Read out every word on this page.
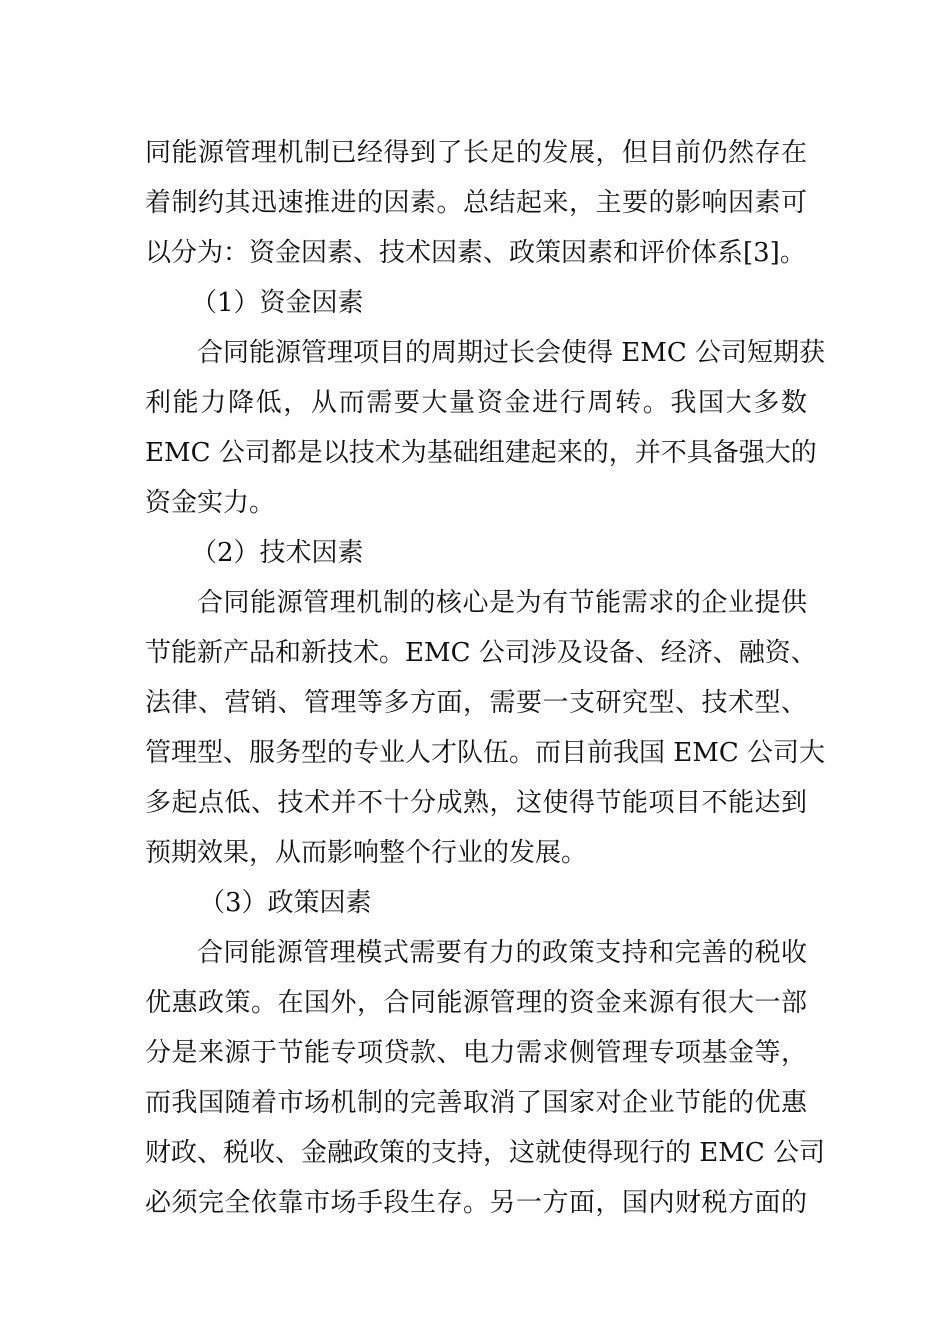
同能源管理机制已经得到了长足的发展，但目前仍然存在
着制约其迅速推进的因素。总结起来，主要的影响因素可
以分为：资金因素、技术因素、政策因素和评价体系[3]。
（1）资金因素
合同能源管理项目的周期过长会使得 EMC 公司短期获
利能力降低，从而需要大量资金进行周转。我国大多数
EMC 公司都是以技术为基础组建起来的，并不具备强大的
资金实力。
（2）技术因素
合同能源管理机制的核心是为有节能需求的企业提供
节能新产品和新技术。EMC 公司涉及设备、经济、融资、
法律、营销、管理等多方面，需要一支研究型、技术型、
管理型、服务型的专业人才队伍。而目前我国 EMC 公司大
多起点低、技术并不十分成熟，这使得节能项目不能达到
预期效果，从而影响整个行业的发展。
（3）政策因素
合同能源管理模式需要有力的政策支持和完善的税收
优惠政策。在国外，合同能源管理的资金来源有很大一部
分是来源于节能专项贷款、电力需求侧管理专项基金等，
而我国随着市场机制的完善取消了国家对企业节能的优惠
财政、税收、金融政策的支持，这就使得现行的 EMC 公司
必须完全依靠市场手段生存。另一方面，国内财税方面的
